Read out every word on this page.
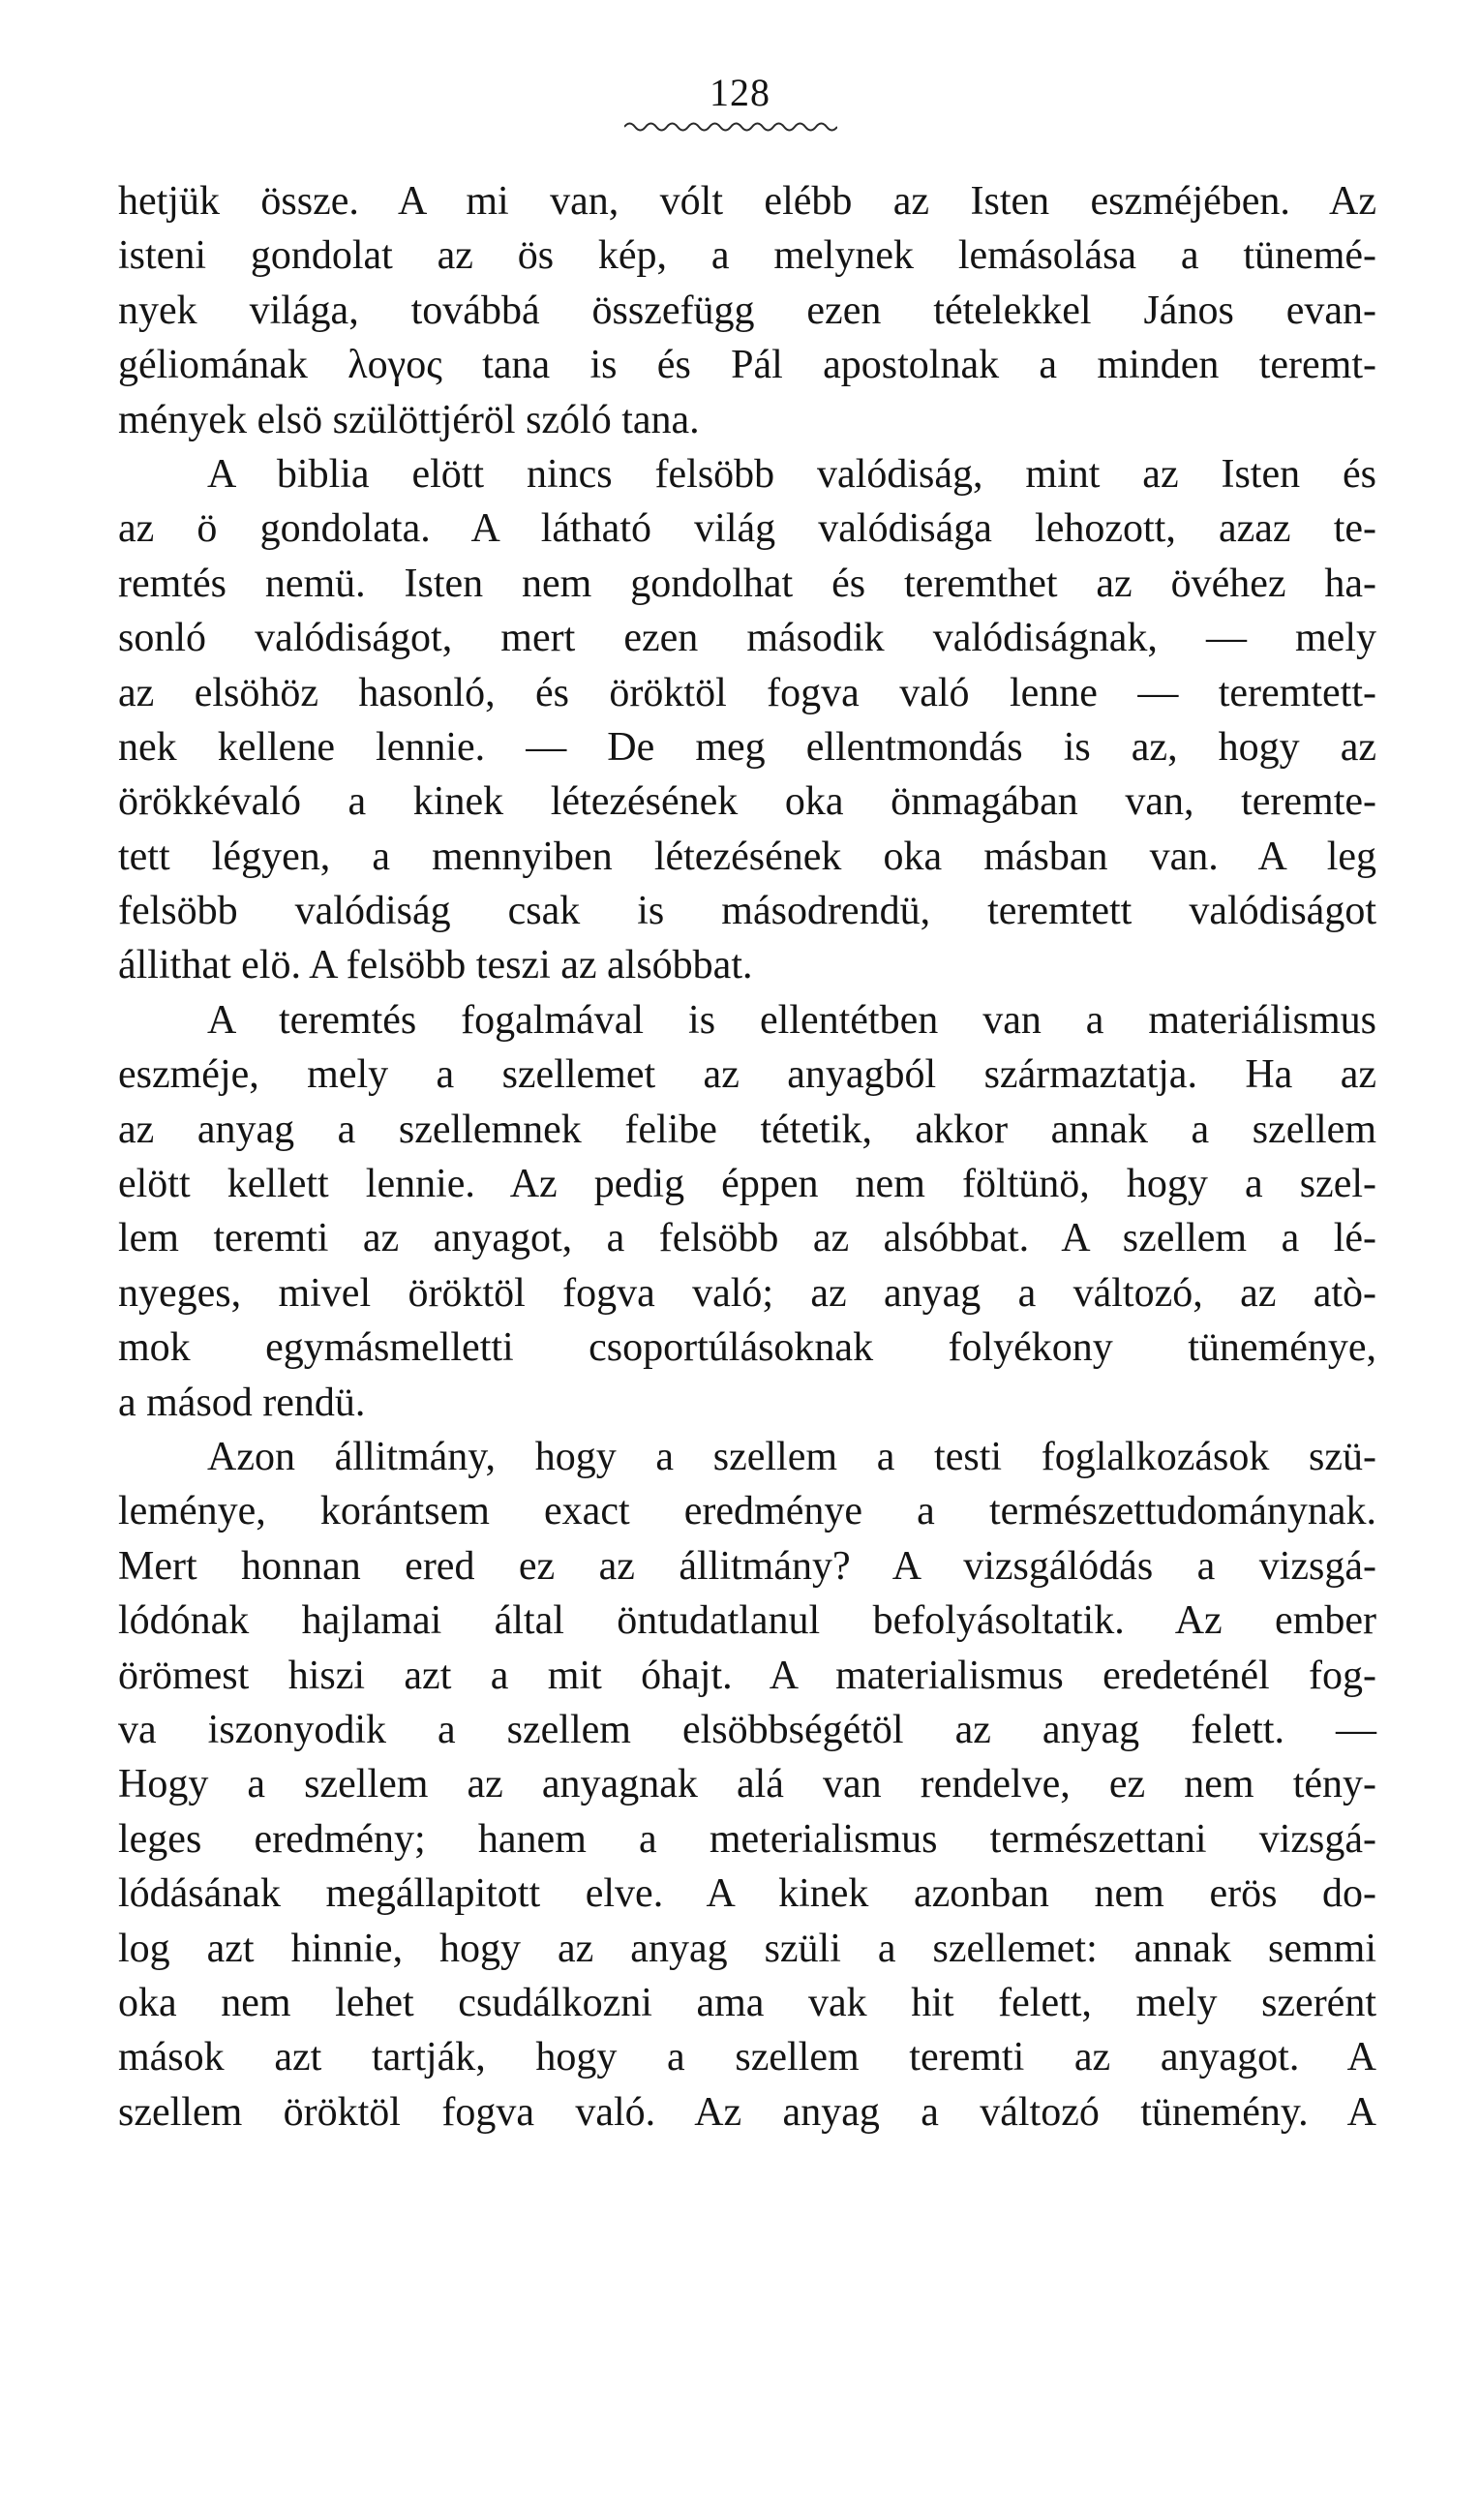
128
hetjük össze. A mi van, vólt elébb az Isten eszméjében. Az
isteni gondolat az ös kép, a melynek lemásolása a tünemé-
nyek világa, továbbá összefügg ezen tételekkel János evan-
géliomának λογος tana is és Pál apostolnak a minden teremt-
mények elsö szülöttjéröl szóló tana.
A biblia elött nincs felsöbb valódiság, mint az Isten és
az ö gondolata. A látható világ valódisága lehozott, azaz te-
remtés nemü. Isten nem gondolhat és teremthet az övéhez ha-
sonló valódiságot, mert ezen második valódiságnak, — mely
az elsöhöz hasonló, és öröktöl fogva való lenne — teremtett-
nek kellene lennie. — De meg ellentmondás is az, hogy az
örökkévaló a kinek létezésének oka önmagában van, teremte-
tett légyen, a mennyiben létezésének oka másban van. A leg
felsöbb valódiság csak is másodrendü, teremtett valódiságot
állithat elö. A felsöbb teszi az alsóbbat.
A teremtés fogalmával is ellentétben van a materiálismus
eszméje, mely a szellemet az anyagból származtatja. Ha az
az anyag a szellemnek felibe tétetik, akkor annak a szellem
elött kellett lennie. Az pedig éppen nem föltünö, hogy a szel-
lem teremti az anyagot, a felsöbb az alsóbbat. A szellem a lé-
nyeges, mivel öröktöl fogva való; az anyag a változó, az atò-
mok egymásmelletti csoportúlásoknak folyékony tüneménye,
a másod rendü.
Azon állitmány, hogy a szellem a testi foglalkozások szü-
leménye, korántsem exact eredménye a természettudománynak.
Mert honnan ered ez az állitmány? A vizsgálódás a vizsgá-
lódónak hajlamai által öntudatlanul befolyásoltatik. Az ember
örömest hiszi azt a mit óhajt. A materialismus eredeténél fog-
va iszonyodik a szellem elsöbbségétöl az anyag felett. —
Hogy a szellem az anyagnak alá van rendelve, ez nem tény-
leges eredmény; hanem a meterialismus természettani vizsgá-
lódásának megállapitott elve. A kinek azonban nem erös do-
log azt hinnie, hogy az anyag szüli a szellemet: annak semmi
oka nem lehet csudálkozni ama vak hit felett, mely szerént
mások azt tartják, hogy a szellem teremti az anyagot. A
szellem öröktöl fogva való. Az anyag a változó tünemény. A
